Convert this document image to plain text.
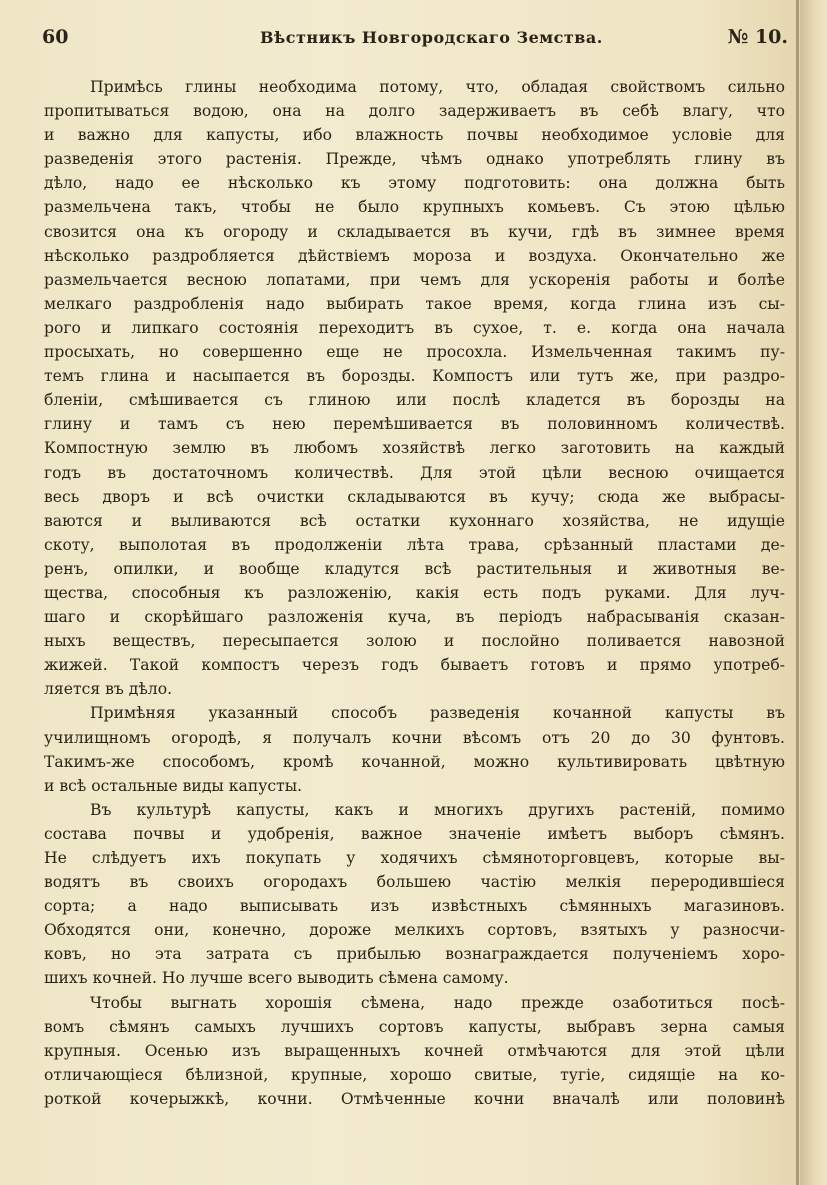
60	Вѣстникъ Новгородскаго Земства.	№ 10.
Примѣсь глины необходима потому, что, обладая свойствомъ сильно
пропитываться водою, она на долго задерживаетъ въ себѣ влагу, что
и важно для капусты, ибо влажность почвы необходимое условіе для
разведенія этого растенія. Прежде, чѣмъ однако употреблять глину въ
дѣло, надо ее нѣсколько къ этому подготовить: она должна быть
размельчена такъ, чтобы не было крупныхъ комьевъ. Съ этою цѣлью
свозится она къ огороду и складывается въ кучи, гдѣ въ зимнее время
нѣсколько раздробляется дѣйствіемъ мороза и воздуха. Окончательно же
размельчается весною лопатами, при чемъ для ускоренія работы и болѣе
мелкаго раздробленія надо выбирать такое время, когда глина изъ сы-
рого и липкаго состоянія переходитъ въ сухое, т. е. когда она начала
просыхать, но совершенно еще не просохла. Измельченная такимъ пу-
темъ глина и насыпается въ борозды. Компостъ или тутъ же, при раздро-
бленіи, смѣшивается съ глиною или послѣ кладется въ борозды на
глину и тамъ съ нею перемѣшивается въ половинномъ количествѣ.
Компостную землю въ любомъ хозяйствѣ легко заготовить на каждый
годъ въ достаточномъ количествѣ. Для этой цѣли весною очищается
весь дворъ и всѣ очистки складываются въ кучу; сюда же выбрасы-
ваются и выливаются всѣ остатки кухоннаго хозяйства, не идущіе
скоту, выполотая въ продолженіи лѣта трава, срѣзанный пластами де-
ренъ, опилки, и вообще кладутся всѣ растительныя и животныя ве-
щества, способныя къ разложенію, какія есть подъ руками. Для луч-
шаго и скорѣйшаго разложенія куча, въ періодъ набрасыванія сказан-
ныхъ веществъ, пересыпается золою и послойно поливается навозной
жижей. Такой компостъ черезъ годъ бываетъ готовъ и прямо употреб-
ляется въ дѣло.
Примѣняя указанный способъ разведенія кочанной капусты въ
училищномъ огородѣ, я получалъ кочни вѣсомъ отъ 20 до 30 фунтовъ.
Такимъ-же способомъ, кромѣ кочанной, можно культивировать цвѣтную
и всѣ остальные виды капусты.
Въ культурѣ капусты, какъ и многихъ другихъ растеній, помимо
состава почвы и удобренія, важное значеніе имѣетъ выборъ сѣмянъ.
Не слѣдуетъ ихъ покупать у ходячихъ сѣмяноторговцевъ, которые вы-
водятъ въ своихъ огородахъ большею частію мелкія переродившіеся
сорта; а надо выписывать изъ извѣстныхъ сѣмянныхъ магазиновъ.
Обходятся они, конечно, дороже мелкихъ сортовъ, взятыхъ у разносчи-
ковъ, но эта затрата съ прибылью вознаграждается полученіемъ хоро-
шихъ кочней. Но лучше всего выводить сѣмена самому.
Чтобы выгнать хорошія сѣмена, надо прежде озаботиться посѣ-
вомъ сѣмянъ самыхъ лучшихъ сортовъ капусты, выбравъ зерна самыя
крупныя. Осенью изъ выращенныхъ кочней отмѣчаются для этой цѣли
отличающіеся бѣлизной, крупные, хорошо свитые, тугіе, сидящіе на ко-
роткой кочерыжкѣ, кочни. Отмѣченные кочни вначалѣ или половинѣ
